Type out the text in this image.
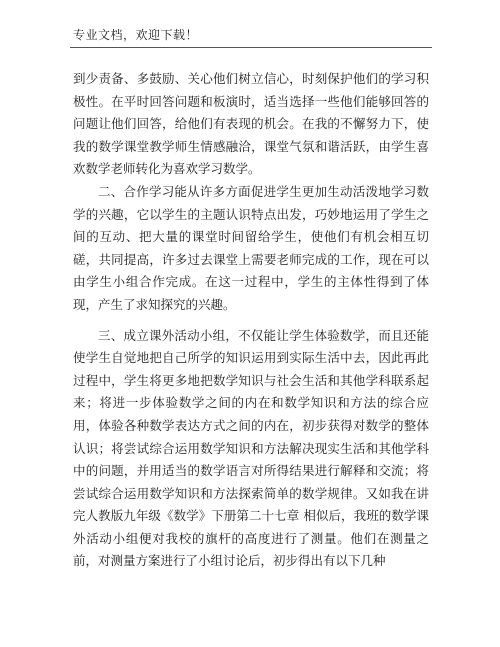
专业文档，欢迎下载！

到少责备、多鼓励、关心他们树立信心，时刻保护他们的学习积极性。在平时回答问题和板演时，适当选择一些他们能够回答的问题让他们回答，给他们有表现的机会。在我的不懈努力下，使我的数学课堂教学师生情感融洽，课堂气氛和谐活跃，由学生喜欢数学老师转化为喜欢学习数学。

二、合作学习能从许多方面促进学生更加生动活泼地学习数学的兴趣，它以学生的主题认识特点出发，巧妙地运用了学生之间的互动、把大量的课堂时间留给学生，使他们有机会相互切磋，共同提高，许多过去课堂上需要老师完成的工作，现在可以由学生小组合作完成。在这一过程中，学生的主体性得到了体现，产生了求知探究的兴趣。

三、成立课外活动小组，不仅能让学生体验数学，而且还能使学生自觉地把自己所学的知识运用到实际生活中去，因此再此过程中，学生将更多地把数学知识与社会生活和其他学科联系起来；将进一步体验数学之间的内在和数学知识和方法的综合应用，体验各种数学表达方式之间的内在，初步获得对数学的整体认识；将尝试综合运用数学知识和方法解决现实生活和其他学科中的问题，并用适当的数学语言对所得结果进行解释和交流；将尝试综合运用数学知识和方法探索简单的数学规律。又如我在讲完人教版九年级《数学》下册第二十七章 相似后，我班的数学课外活动小组便对我校的旗杆的高度进行了测量。他们在测量之前，对测量方案进行了小组讨论后，初步得出有以下几种
